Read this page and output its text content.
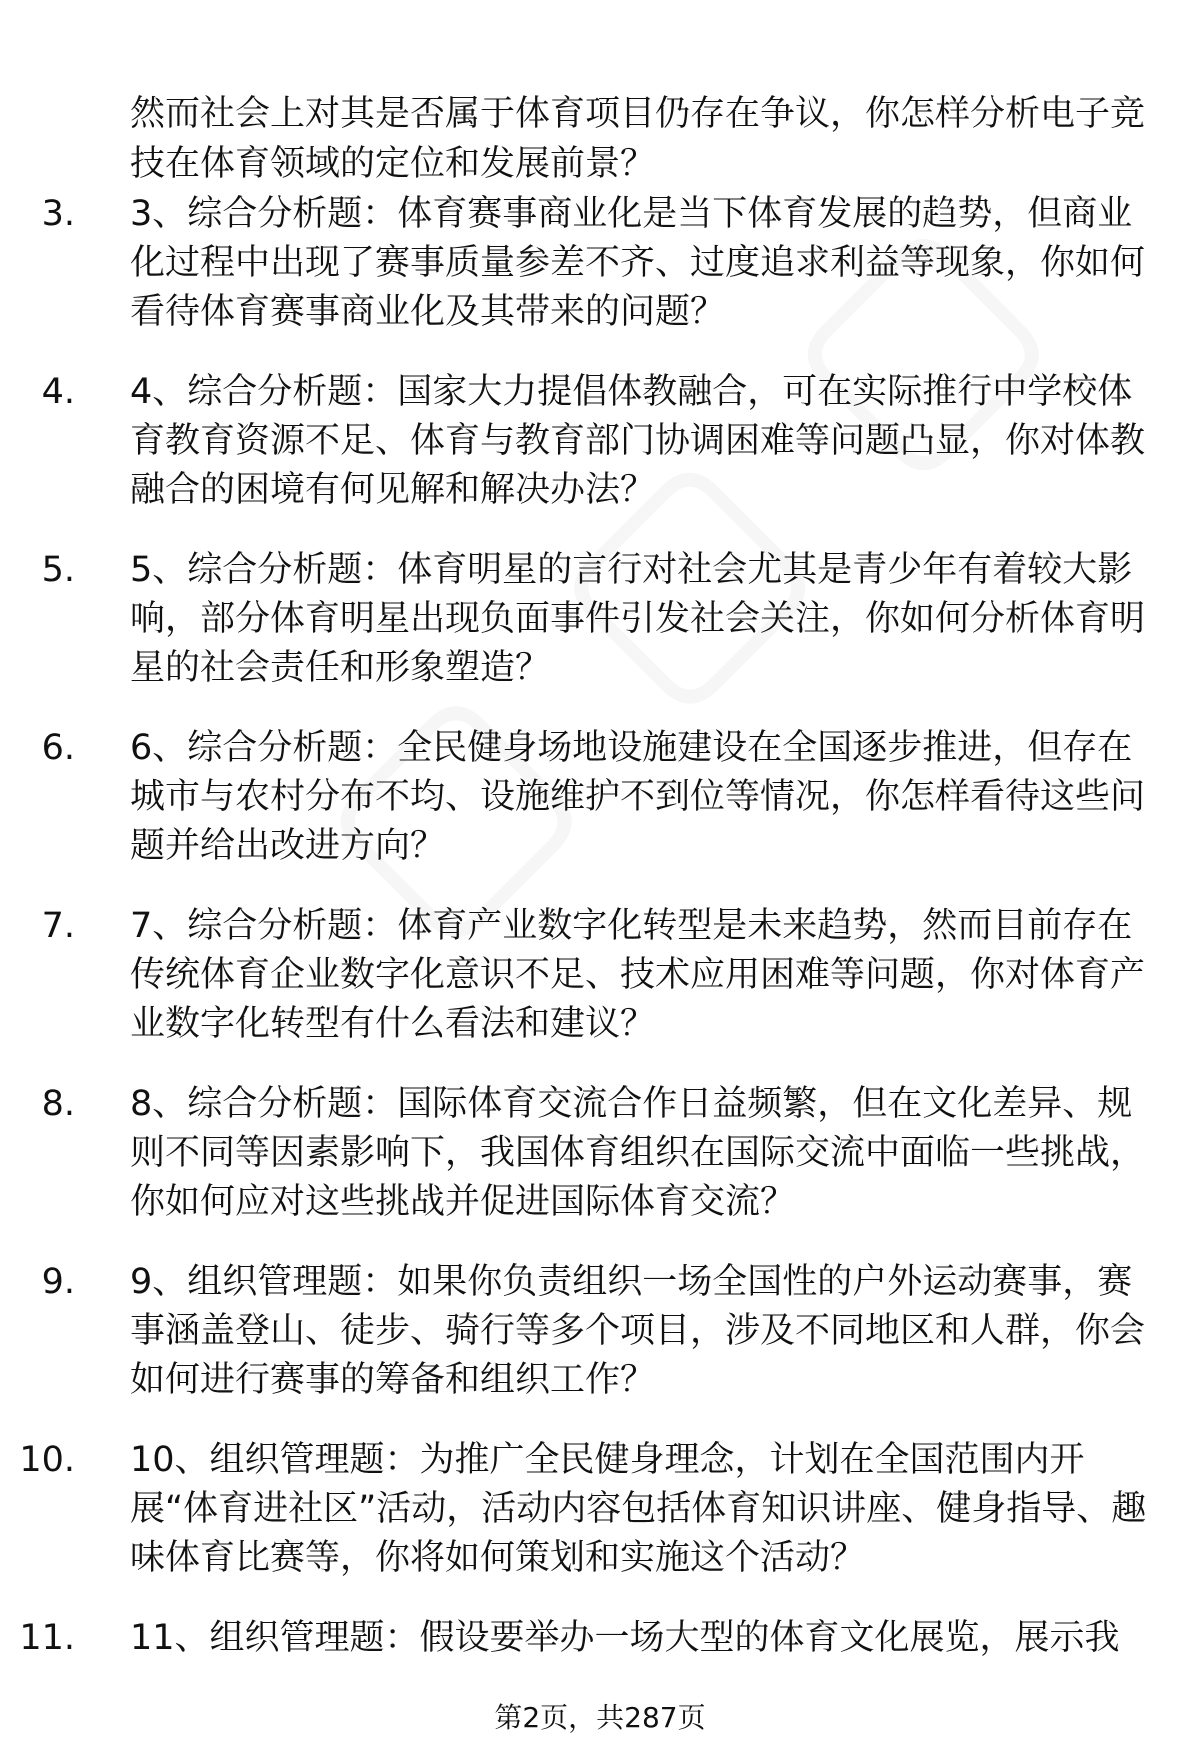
然而社会上对其是否属于体育项目仍存在争议，你怎样分析电子竞技在体育领域的定位和发展前景？

3. 3、综合分析题：体育赛事商业化是当下体育发展的趋势，但商业化过程中出现了赛事质量参差不齐、过度追求利益等现象，你如何看待体育赛事商业化及其带来的问题？
4. 4、综合分析题：国家大力提倡体教融合，可在实际推行中学校体育教育资源不足、体育与教育部门协调困难等问题凸显，你对体教融合的困境有何见解和解决办法？
5. 5、综合分析题：体育明星的言行对社会尤其是青少年有着较大影响，部分体育明星出现负面事件引发社会关注，你如何分析体育明星的社会责任和形象塑造？
6. 6、综合分析题：全民健身场地设施建设在全国逐步推进，但存在城市与农村分布不均、设施维护不到位等情况，你怎样看待这些问题并给出改进方向？
7. 7、综合分析题：体育产业数字化转型是未来趋势，然而目前存在传统体育企业数字化意识不足、技术应用困难等问题，你对体育产业数字化转型有什么看法和建议？
8. 8、综合分析题：国际体育交流合作日益频繁，但在文化差异、规则不同等因素影响下，我国体育组织在国际交流中面临一些挑战，你如何应对这些挑战并促进国际体育交流？
9. 9、组织管理题：如果你负责组织一场全国性的户外运动赛事，赛事涵盖登山、徒步、骑行等多个项目，涉及不同地区和人群，你会如何进行赛事的筹备和组织工作？
10. 10、组织管理题：为推广全民健身理念，计划在全国范围内开展“体育进社区”活动，活动内容包括体育知识讲座、健身指导、趣味体育比赛等，你将如何策划和实施这个活动？
11. 11、组织管理题：假设要举办一场大型的体育文化展览，展示我
第2页，共287页
